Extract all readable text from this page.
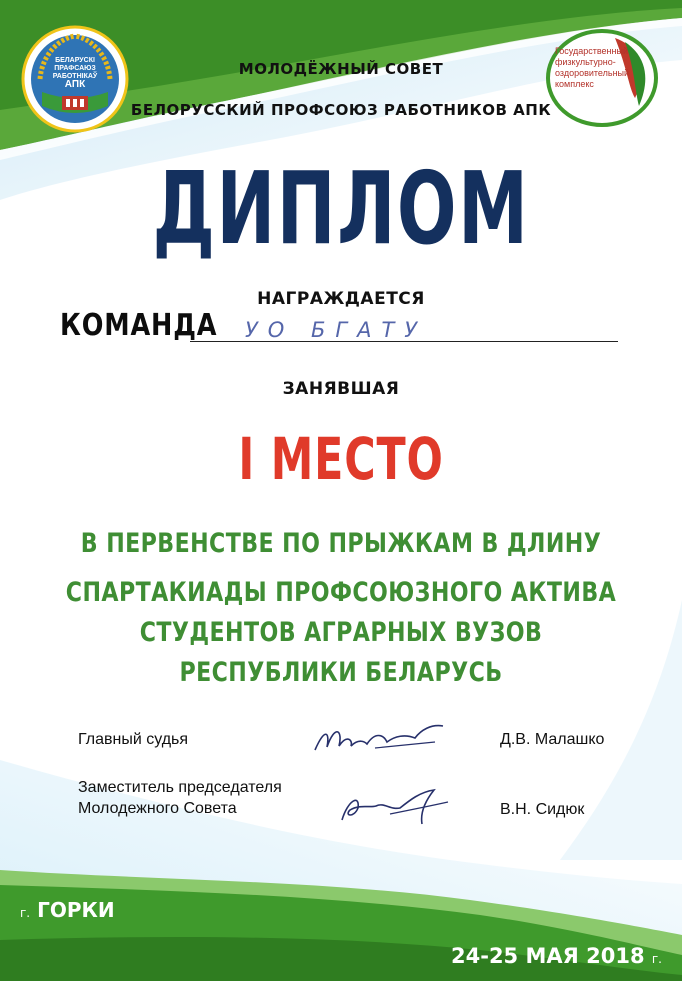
БЕЛАРУСКІ
ПРАФСАЮЗ
РАБОТНІКАЎ
АПК
Государственный
физкультурно-
оздоровительный
комплекс
МОЛОДЁЖНЫЙ СОВЕТ
БЕЛОРУССКИЙ ПРОФСОЮЗ РАБОТНИКОВ АПК
ДИПЛОМ
НАГРАЖДАЕТСЯ
КОМАНДА УО БГАТУ
ЗАНЯВШАЯ
I МЕСТО
В ПЕРВЕНСТВЕ ПО ПРЫЖКАМ В ДЛИНУ
СПАРТАКИАДЫ ПРОФСОЮЗНОГО АКТИВА
СТУДЕНТОВ АГРАРНЫХ ВУЗОВ
РЕСПУБЛИКИ БЕЛАРУСЬ
Главный судья	Д.В. Малашко
Заместитель председателя
Молодежного Совета	В.Н. Сидюк
г. ГОРКИ
24-25 МАЯ 2018 г.
